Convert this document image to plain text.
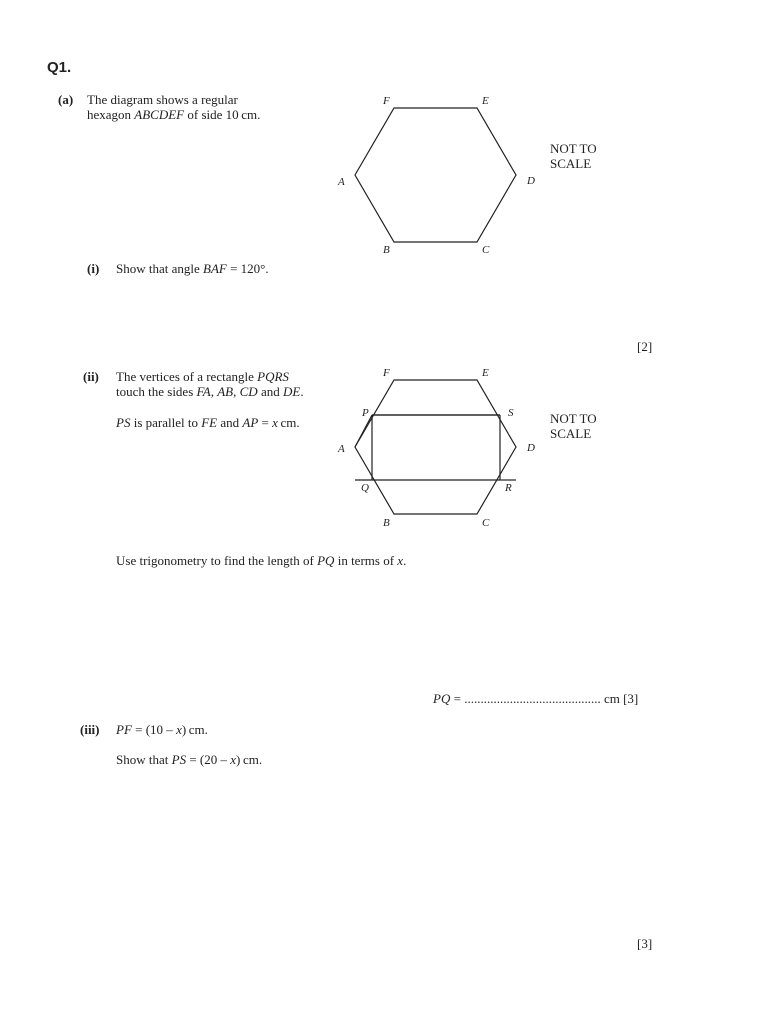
Q1.
(a) The diagram shows a regular
hexagon ABCDEF of side 10 cm.
F	E
A	D
B	C
NOT TO
SCALE
(i) Show that angle BAF = 120°.
[2]
(ii) The vertices of a rectangle PQRS
touch the sides FA, AB, CD and DE.
PS is parallel to FE and AP = x cm.
F	E
P	S
A	D
Q	R
B	C
NOT TO
SCALE
Use trigonometry to find the length of PQ in terms of x.
PQ = .......................................... cm [3]
(iii) PF = (10 – x) cm.
Show that PS = (20 – x) cm.
[3]
